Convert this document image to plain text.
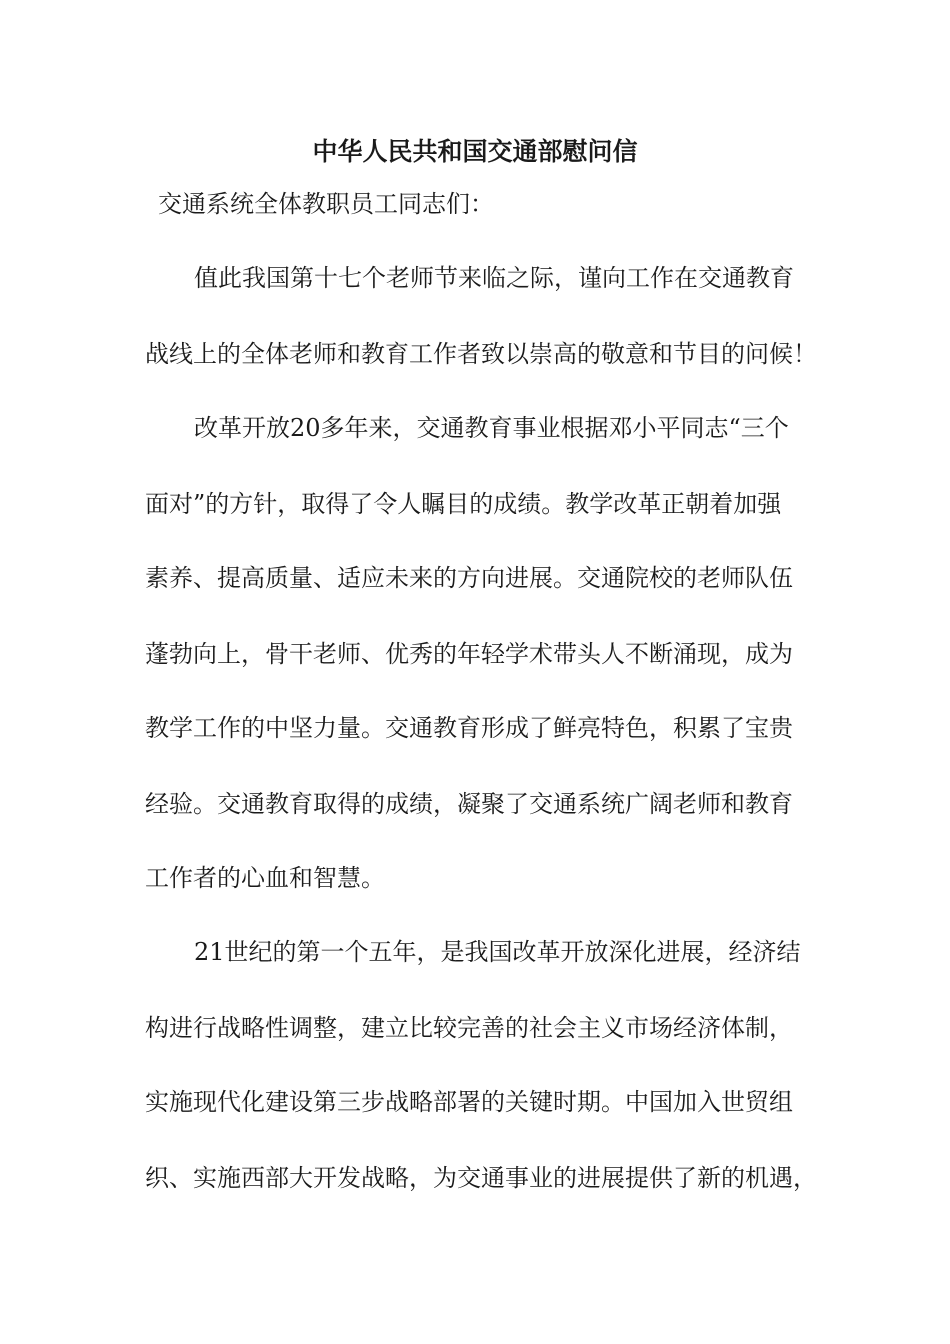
中华人民共和国交通部慰问信
交通系统全体教职员工同志们：
值此我国第十七个老师节来临之际，谨向工作在交通教育
战线上的全体老师和教育工作者致以崇高的敬意和节目的问候！
改革开放20多年来，交通教育事业根据邓小平同志“三个
面对”的方针，取得了令人瞩目的成绩。教学改革正朝着加强
素养、提高质量、适应未来的方向进展。交通院校的老师队伍
蓬勃向上，骨干老师、优秀的年轻学术带头人不断涌现，成为
教学工作的中坚力量。交通教育形成了鲜亮特色，积累了宝贵
经验。交通教育取得的成绩，凝聚了交通系统广阔老师和教育
工作者的心血和智慧。
21世纪的第一个五年，是我国改革开放深化进展，经济结
构进行战略性调整，建立比较完善的社会主义市场经济体制，
实施现代化建设第三步战略部署的关键时期。中国加入世贸组
织、实施西部大开发战略，为交通事业的进展提供了新的机遇，
